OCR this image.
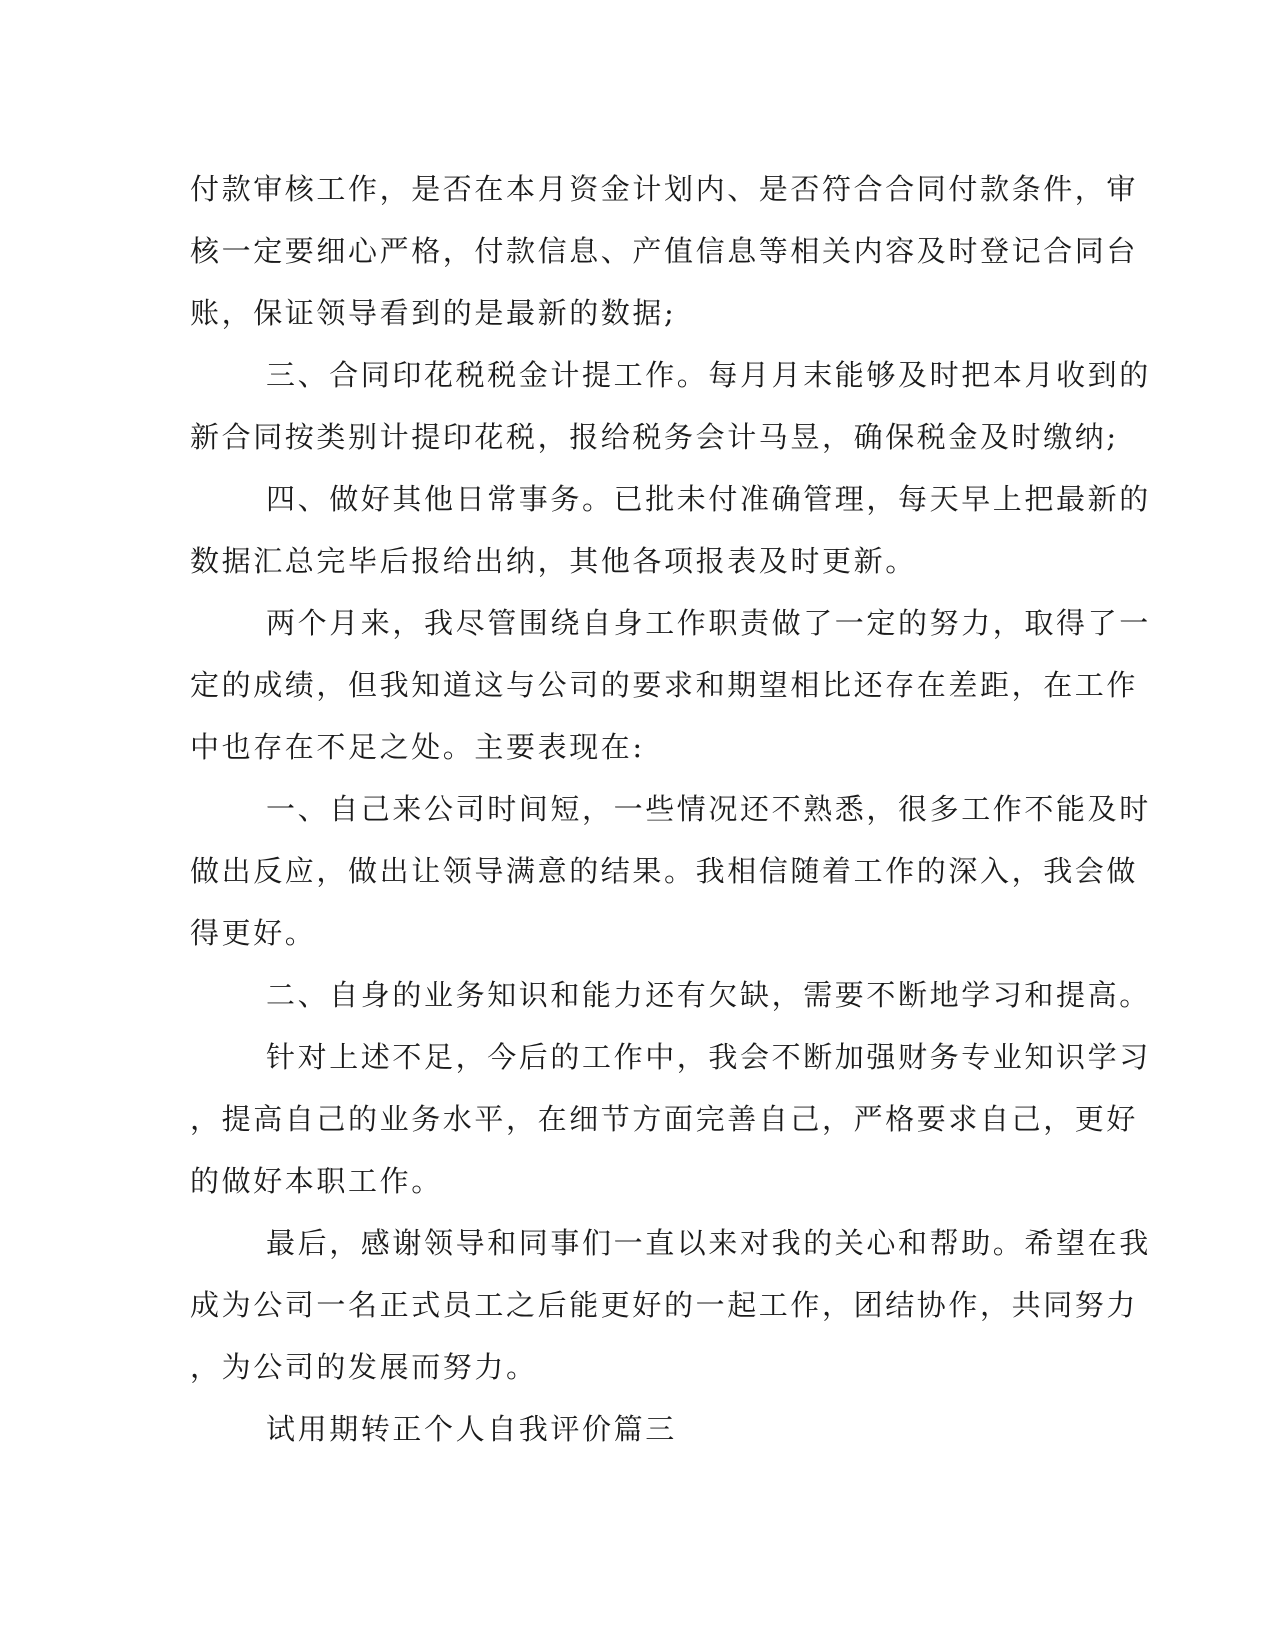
付款审核工作，是否在本月资金计划内、是否符合合同付款条件，审
核一定要细心严格，付款信息、产值信息等相关内容及时登记合同台
账，保证领导看到的是最新的数据;
三、合同印花税税金计提工作。每月月末能够及时把本月收到的
新合同按类别计提印花税，报给税务会计马昱，确保税金及时缴纳;
四、做好其他日常事务。已批未付准确管理，每天早上把最新的
数据汇总完毕后报给出纳，其他各项报表及时更新。
两个月来，我尽管围绕自身工作职责做了一定的努力，取得了一
定的成绩，但我知道这与公司的要求和期望相比还存在差距，在工作
中也存在不足之处。主要表现在:
一、自己来公司时间短，一些情况还不熟悉，很多工作不能及时
做出反应，做出让领导满意的结果。我相信随着工作的深入，我会做
得更好。
二、自身的业务知识和能力还有欠缺，需要不断地学习和提高。
针对上述不足，今后的工作中，我会不断加强财务专业知识学习
，提高自己的业务水平，在细节方面完善自己，严格要求自己，更好
的做好本职工作。
最后，感谢领导和同事们一直以来对我的关心和帮助。希望在我
成为公司一名正式员工之后能更好的一起工作，团结协作，共同努力
，为公司的发展而努力。
试用期转正个人自我评价篇三
